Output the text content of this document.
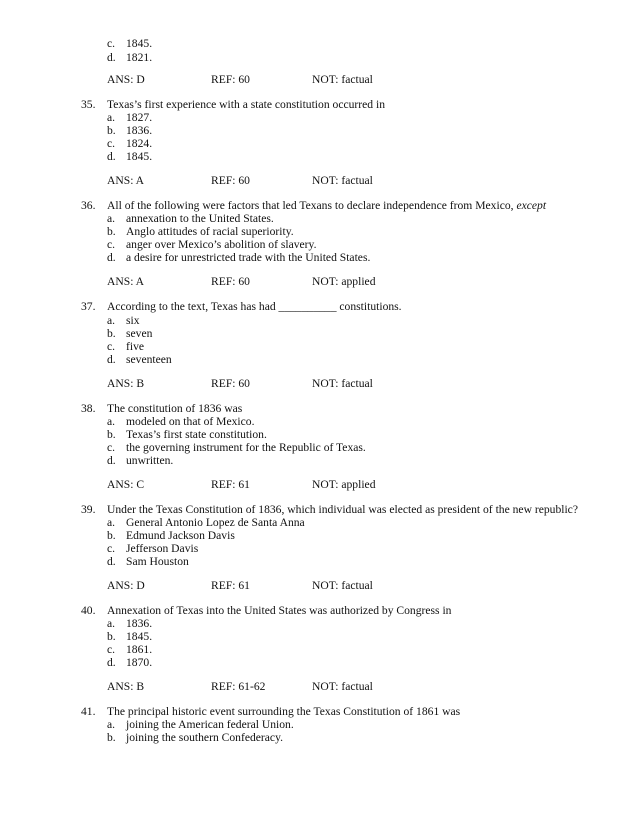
c. 1845.
d. 1821.
ANS: D	REF: 60	NOT: factual
35. Texas’s first experience with a state constitution occurred in
a. 1827.
b. 1836.
c. 1824.
d. 1845.
ANS: A	REF: 60	NOT: factual
36. All of the following were factors that led Texans to declare independence from Mexico, except
a. annexation to the United States.
b. Anglo attitudes of racial superiority.
c. anger over Mexico’s abolition of slavery.
d. a desire for unrestricted trade with the United States.
ANS: A	REF: 60	NOT: applied
37. According to the text, Texas has had __________ constitutions.
a. six
b. seven
c. five
d. seventeen
ANS: B	REF: 60	NOT: factual
38. The constitution of 1836 was
a. modeled on that of Mexico.
b. Texas’s first state constitution.
c. the governing instrument for the Republic of Texas.
d. unwritten.
ANS: C	REF: 61	NOT: applied
39. Under the Texas Constitution of 1836, which individual was elected as president of the new republic?
a. General Antonio Lopez de Santa Anna
b. Edmund Jackson Davis
c. Jefferson Davis
d. Sam Houston
ANS: D	REF: 61	NOT: factual
40. Annexation of Texas into the United States was authorized by Congress in
a. 1836.
b. 1845.
c. 1861.
d. 1870.
ANS: B	REF: 61-62	NOT: factual
41. The principal historic event surrounding the Texas Constitution of 1861 was
a. joining the American federal Union.
b. joining the southern Confederacy.
